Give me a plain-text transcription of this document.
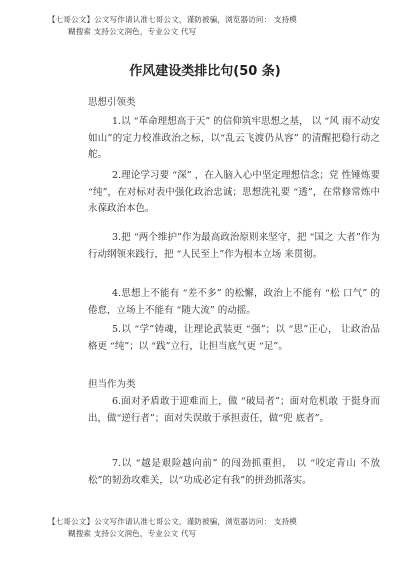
【七哥公文】公文写作请认准七哥公文，谨防被骗，浏览器访问： 支持模
糊搜索 支持公文润色，专业公文 代写
作风建设类排比句(50 条)
思想引领类

1.以 “革命理想高于天” 的信仰筑牢思想之基， 以 “风 雨不动安如山”的定力校准政治之标，以“乱云飞渡仍从容” 的清醒把稳行动之舵。

2.理论学习要 “深” ，在入脑入心中坚定理想信念；党 性锤炼要 “纯”，在对标对表中强化政治忠诚；思想洗礼要 “透”，在常修常炼中永葆政治本色。

3.把 “两个维护”作为最高政治原则来坚守，把 “国之 大者”作为行动纲领来践行，把 “人民至上”作为根本立场 来贯彻。

4.思想上不能有 “差不多” 的松懈，政治上不能有 “松 口气” 的倦怠，立场上不能有 “随大流” 的动摇。

5.以 “学”铸魂，让理论武装更 “强”；以 “思”正心， 让政治品格更 “纯”；以 “践”立行，让担当底气更 “足”。

担当作为类

6.面对矛盾敢于迎难而上，做 “破局者”；面对危机敢 于挺身而出，做“逆行者”；面对失误敢于承担责任，做“兜 底者”。

7.以 “越是艰险越向前” 的闯劲抓重担， 以 “咬定青山 不放松”的韧劲攻难关，以“功成必定有我”的拼劲抓落实。

【七哥公文】公文写作请认准七哥公文，谨防被骗，浏览器访问： 支持模
糊搜索 支持公文润色，专业公文 代写
